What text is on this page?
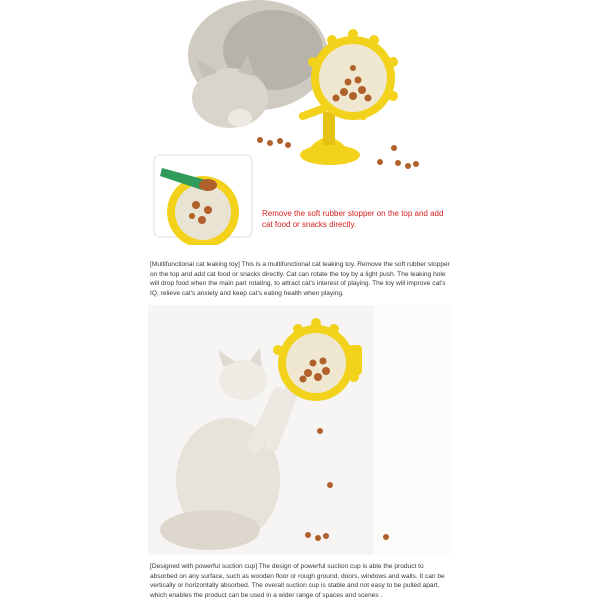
Remove the soft rubber stopper on the top and add cat food or snacks directly.
[Multifunctional cat leaking toy] This is a multifunctional cat leaking toy. Remove the soft rubber stopper on the top and add cat food or snacks directly. Cat can rotate the toy by a light push. The leaking hole will drop food when the main part rotating, to attract cat's interest of playing. The toy will improve cat's IQ, relieve cat's anxiety and keep cat's eating health when playing.
[Designed with powerful suction cup] The design of powerful suction cup is able the product to absorbed on any surface, such as wooden floor or rough ground, doors, windows and walls. It can be vertically or horizontally absorbed. The overall suction cup is stable and not easy to be pulled apart, which enables the product can be used in a wider range of spaces and scenes .
